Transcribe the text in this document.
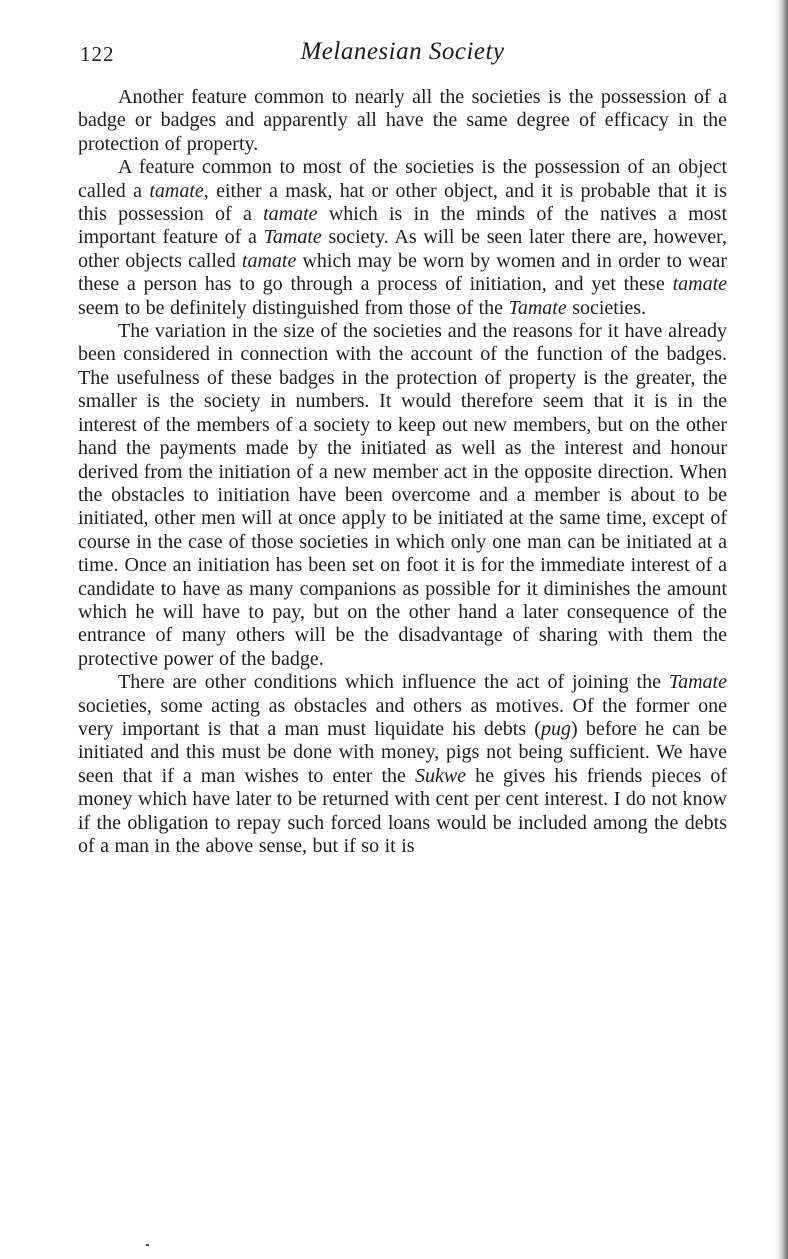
122	Melanesian Society

Another feature common to nearly all the societies is the possession of a badge or badges and apparently all have the same degree of efficacy in the protection of property.

A feature common to most of the societies is the possession of an object called a tamate, either a mask, hat or other object, and it is probable that it is this possession of a tamate which is in the minds of the natives a most important feature of a Tamate society. As will be seen later there are, however, other objects called tamate which may be worn by women and in order to wear these a person has to go through a process of initiation, and yet these tamate seem to be definitely distinguished from those of the Tamate societies.

The variation in the size of the societies and the reasons for it have already been considered in connection with the account of the function of the badges. The usefulness of these badges in the protection of property is the greater, the smaller is the society in numbers. It would therefore seem that it is in the interest of the members of a society to keep out new members, but on the other hand the payments made by the initiated as well as the interest and honour derived from the initiation of a new member act in the opposite direction. When the obstacles to initiation have been overcome and a member is about to be initiated, other men will at once apply to be initiated at the same time, except of course in the case of those societies in which only one man can be initiated at a time. Once an initiation has been set on foot it is for the immediate interest of a candidate to have as many companions as possible for it diminishes the amount which he will have to pay, but on the other hand a later consequence of the entrance of many others will be the disadvantage of sharing with them the protective power of the badge.

There are other conditions which influence the act of joining the Tamate societies, some acting as obstacles and others as motives. Of the former one very important is that a man must liquidate his debts (pug) before he can be initiated and this must be done with money, pigs not being sufficient. We have seen that if a man wishes to enter the Sukwe he gives his friends pieces of money which have later to be returned with cent per cent interest. I do not know if the obligation to repay such forced loans would be included among the debts of a man in the above sense, but if so it is
